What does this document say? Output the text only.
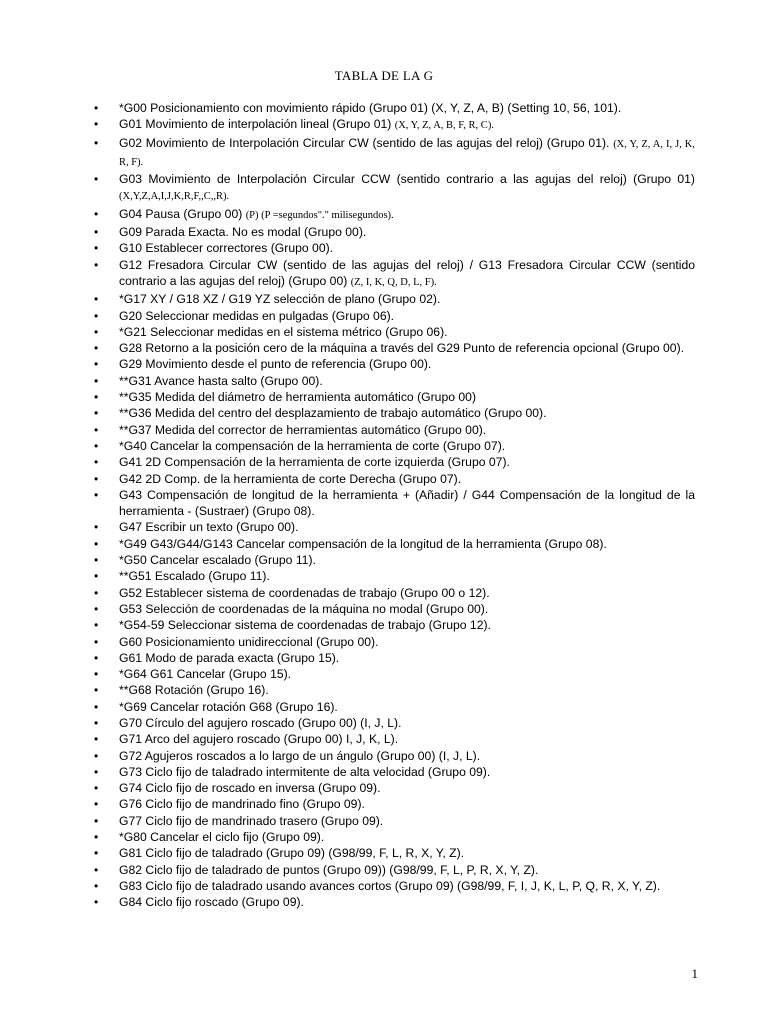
TABLA DE LA G
• *G00 Posicionamiento con movimiento rápido (Grupo 01) (X, Y, Z, A, B) (Setting 10, 56, 101).
• G01 Movimiento de interpolación lineal (Grupo 01) (X, Y, Z, A, B, F, R, C).
• G02 Movimiento de Interpolación Circular CW (sentido de las agujas del reloj) (Grupo 01). (X, Y, Z, A, I, J, K, R, F).
• G03 Movimiento de Interpolación Circular CCW (sentido contrario a las agujas del reloj) (Grupo 01) (X,Y,Z,A,I,J,K,R,F,,C,,R).
• G04 Pausa (Grupo 00) (P) (P =segundos"." milisegundos).
• G09 Parada Exacta. No es modal (Grupo 00).
• G10 Establecer correctores (Grupo 00).
• G12 Fresadora Circular CW (sentido de las agujas del reloj) / G13 Fresadora Circular CCW (sentido contrario a las agujas del reloj) (Grupo 00) (Z, I, K, Q, D, L, F).
• *G17 XY / G18 XZ / G19 YZ selección de plano (Grupo 02).
• G20 Seleccionar medidas en pulgadas (Grupo 06).
• *G21 Seleccionar medidas en el sistema métrico (Grupo 06).
• G28 Retorno a la posición cero de la máquina a través del G29 Punto de referencia opcional (Grupo 00).
• G29 Movimiento desde el punto de referencia (Grupo 00).
• **G31 Avance hasta salto (Grupo 00).
• **G35 Medida del diámetro de herramienta automático (Grupo 00)
• **G36 Medida del centro del desplazamiento de trabajo automático (Grupo 00).
• **G37 Medida del corrector de herramientas automático (Grupo 00).
• *G40 Cancelar la compensación de la herramienta de corte (Grupo 07).
• G41 2D Compensación de la herramienta de corte izquierda (Grupo 07).
• G42 2D Comp. de la herramienta de corte Derecha (Grupo 07).
• G43 Compensación de longitud de la herramienta + (Añadir) / G44 Compensación de la longitud de la herramienta - (Sustraer) (Grupo 08).
• G47 Escribir un texto (Grupo 00).
• *G49 G43/G44/G143 Cancelar compensación de la longitud de la herramienta (Grupo 08).
• *G50 Cancelar escalado (Grupo 11).
• **G51 Escalado (Grupo 11).
• G52 Establecer sistema de coordenadas de trabajo (Grupo 00 o 12).
• G53 Selección de coordenadas de la máquina no modal (Grupo 00).
• *G54-59 Seleccionar sistema de coordenadas de trabajo (Grupo 12).
• G60 Posicionamiento unidireccional (Grupo 00).
• G61 Modo de parada exacta (Grupo 15).
• *G64 G61 Cancelar (Grupo 15).
• **G68 Rotación (Grupo 16).
• *G69 Cancelar rotación G68 (Grupo 16).
• G70 Círculo del agujero roscado (Grupo 00) (I, J, L).
• G71 Arco del agujero roscado (Grupo 00) I, J, K, L).
• G72 Agujeros roscados a lo largo de un ángulo (Grupo 00) (I, J, L).
• G73 Ciclo fijo de taladrado intermitente de alta velocidad (Grupo 09).
• G74 Ciclo fijo de roscado en inversa (Grupo 09).
• G76 Ciclo fijo de mandrinado fino (Grupo 09).
• G77 Ciclo fijo de mandrinado trasero (Grupo 09).
• *G80 Cancelar el ciclo fijo (Grupo 09).
• G81 Ciclo fijo de taladrado (Grupo 09) (G98/99, F, L, R, X, Y, Z).
• G82 Ciclo fijo de taladrado de puntos (Grupo 09)) (G98/99, F, L, P, R, X, Y, Z).
• G83 Ciclo fijo de taladrado usando avances cortos (Grupo 09) (G98/99, F, I, J, K, L, P, Q, R, X, Y, Z).
• G84 Ciclo fijo roscado (Grupo 09).
1
